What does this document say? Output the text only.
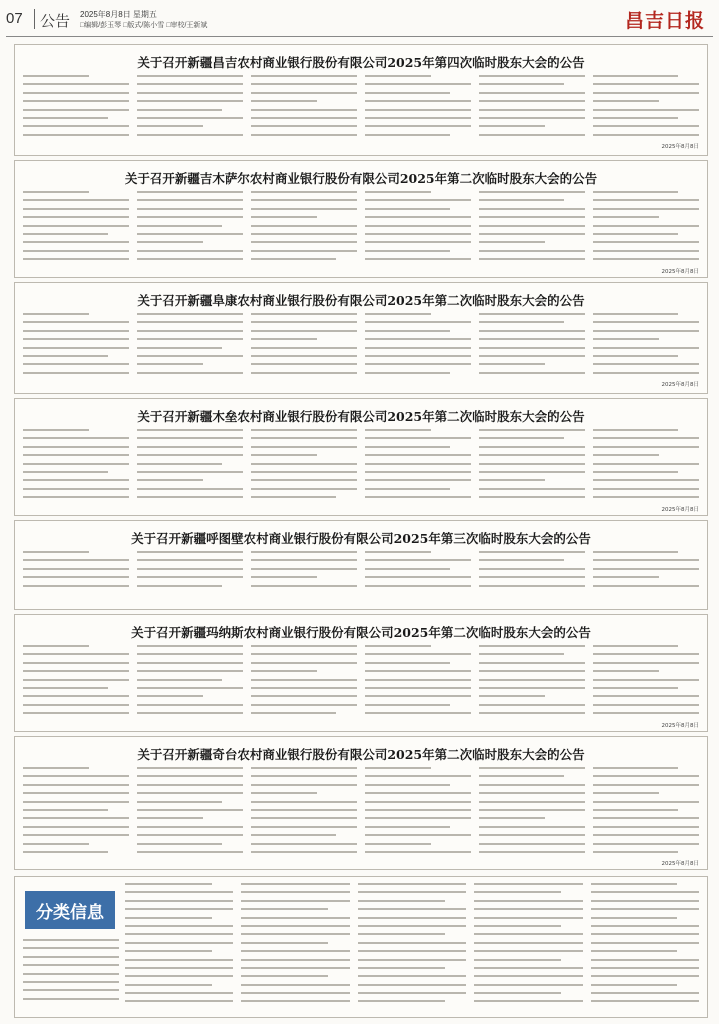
07 公告 2025年8月8日 星期五
□编辑/彭玉琴 □版式/陈小雪 □审校/王新斌	昌吉日报
关于召开新疆昌吉农村商业银行股份有限公司2025年第四次临时股东大会的公告
2025年8月8日
关于召开新疆吉木萨尔农村商业银行股份有限公司2025年第二次临时股东大会的公告
2025年8月8日
关于召开新疆阜康农村商业银行股份有限公司2025年第二次临时股东大会的公告
2025年8月8日
关于召开新疆木垒农村商业银行股份有限公司2025年第二次临时股东大会的公告
2025年8月8日
关于召开新疆呼图壁农村商业银行股份有限公司2025年第三次临时股东大会的公告
关于召开新疆玛纳斯农村商业银行股份有限公司2025年第二次临时股东大会的公告
2025年8月8日
关于召开新疆奇台农村商业银行股份有限公司2025年第二次临时股东大会的公告
2025年8月8日
分类信息
